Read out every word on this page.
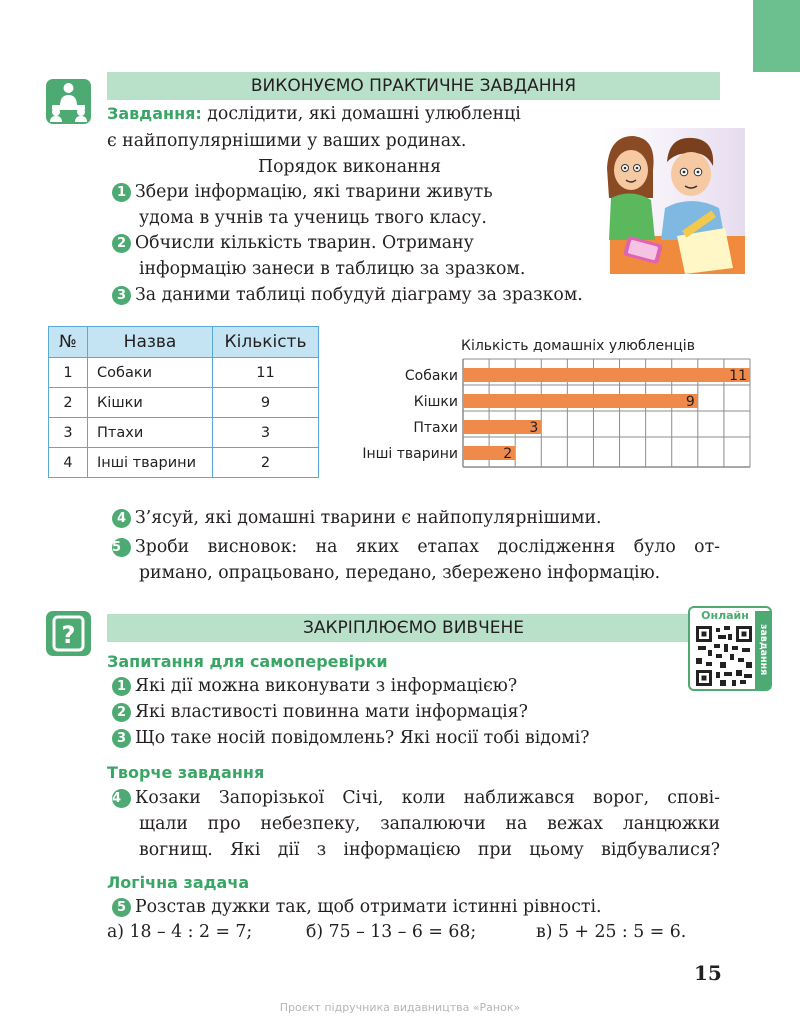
ВИКОНУЄМО ПРАКТИЧНЕ ЗАВДАННЯ
Завдання: дослідити, які домашні улюбленці
є найпопулярнішими у ваших родинах.
Порядок виконання
1 Збери інформацію, які тварини живуть
удома в учнів та учениць твого класу.
2 Обчисли кількість тварин. Отриману
інформацію занеси в таблицю за зразком.
3 За даними таблиці побудуй діаграму за зразком.
№	Назва	Кількість
1	Собаки	11
2	Кішки	9
3	Птахи	3
4	Інші тварини	2
Кількість домашніх улюбленців
Собаки	11
Кішки	9
Птахи	3
Інші тварини	2
4 З’ясуй, які домашні тварини є найпопулярнішими.
5 Зроби висновок: на яких етапах дослідження було от-
римано, опрацьовано, передано, збережено інформацію.
?	ЗАКРІПЛЮЄМО ВИВЧЕНЕ
Онлайн
завдання
Запитання для самоперевірки
1 Які дії можна виконувати з інформацією?
2 Які властивості повинна мати інформація?
3 Що таке носій повідомлень? Які носії тобі відомі?
Творче завдання
4 Козаки Запорізької Січі, коли наближався ворог, спові-
щали про небезпеку, запалюючи на вежах ланцюжки
вогнищ. Які дії з інформацією при цьому відбувалися?
Логічна задача
5 Розстав дужки так, щоб отримати істинні рівності.
а) 18 – 4 : 2 = 7;	б) 75 – 13 – 6 = 68;	в) 5 + 25 : 5 = 6.
15
Проєкт підручника видавництва «Ранок»
